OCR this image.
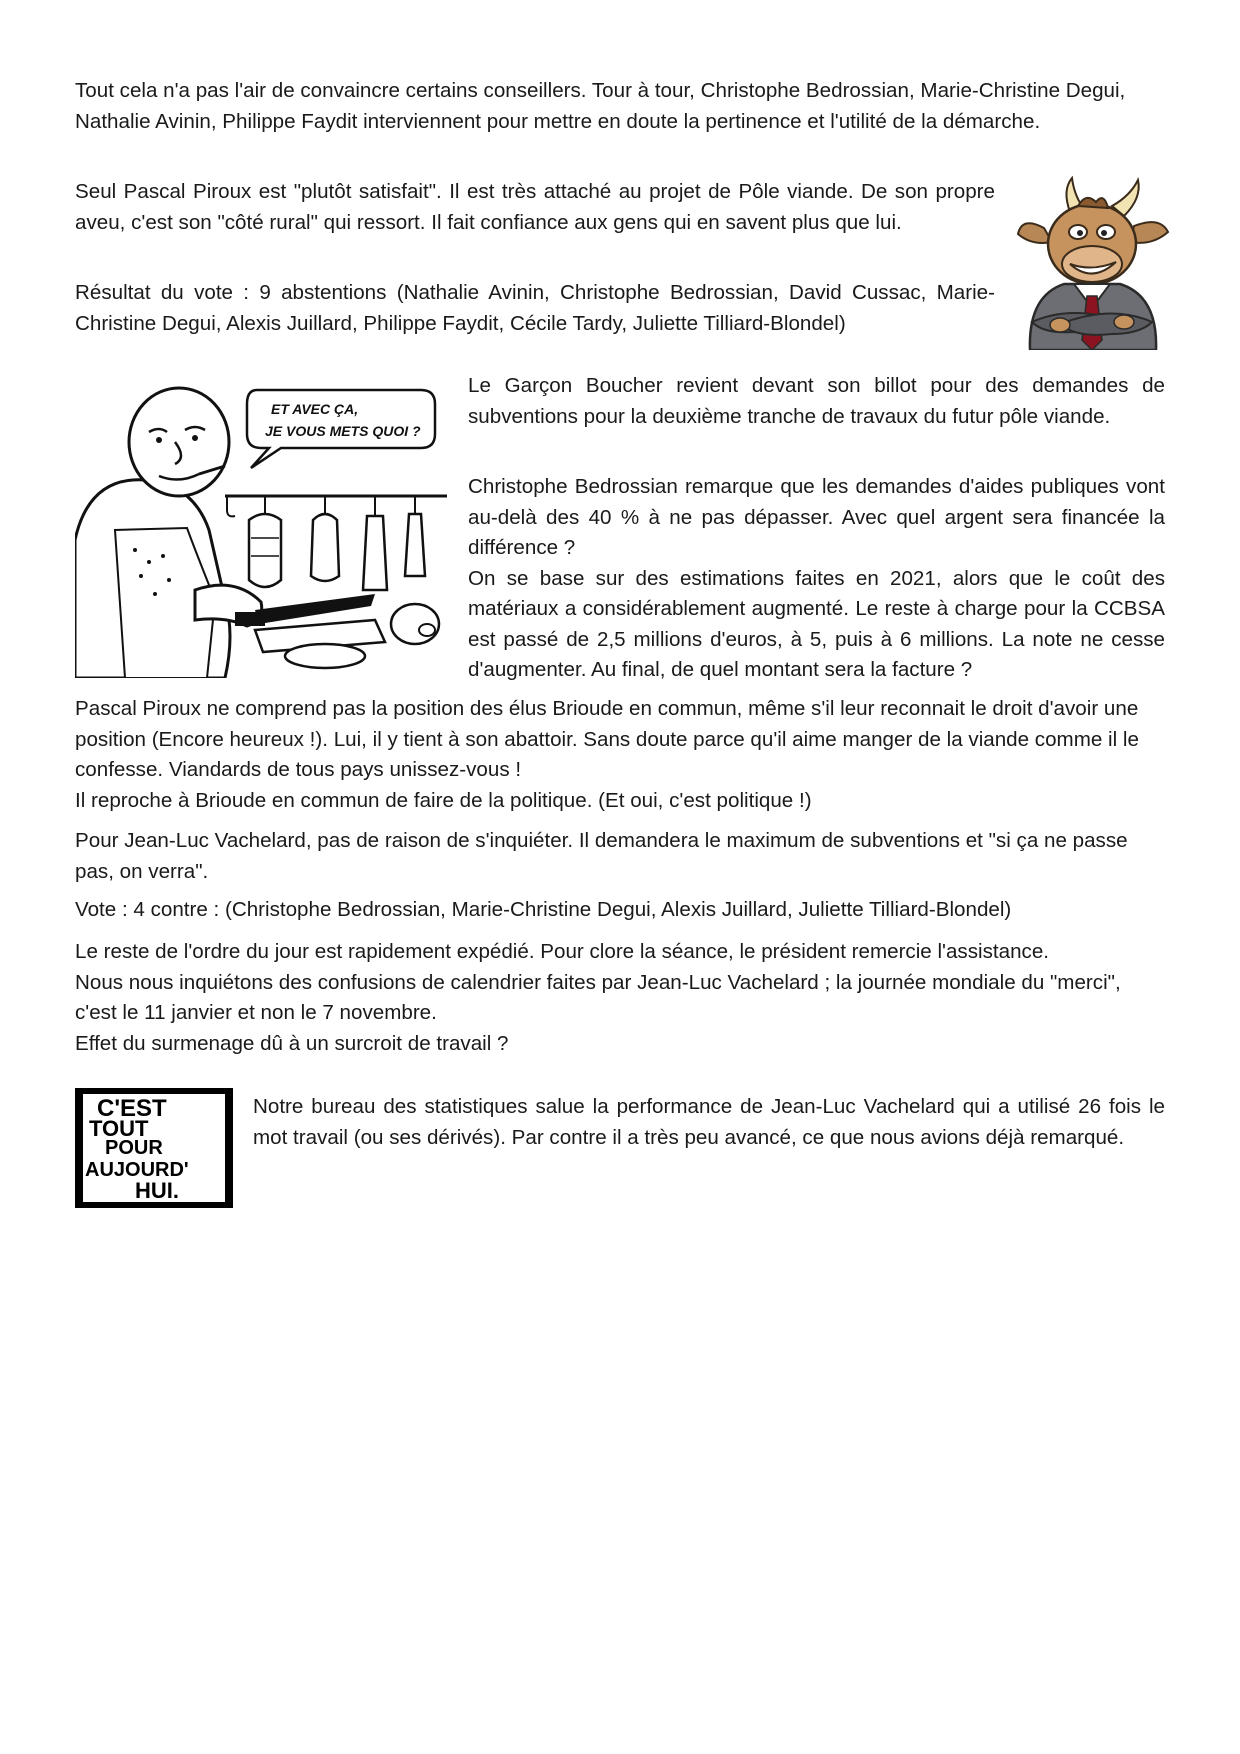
Tout cela n'a pas l'air de convaincre certains conseillers. Tour à tour, Christophe Bedrossian, Marie-Christine Degui, Nathalie Avinin, Philippe Faydit interviennent pour mettre en doute la pertinence et l'utilité de la démarche.

Seul Pascal Piroux est "plutôt satisfait". Il est très attaché au projet de Pôle viande. De son propre aveu, c'est son "côté rural" qui ressort. Il fait confiance aux gens qui en savent plus que lui.

Résultat du vote : 9 abstentions (Nathalie Avinin, Christophe Bedrossian, David Cussac, Marie-Christine Degui, Alexis Juillard, Philippe Faydit, Cécile Tardy, Juliette Tilliard-Blondel)

ET AVEC ÇA,
JE VOUS METS QUOI ?

Le Garçon Boucher revient devant son billot pour des demandes de subventions pour la deuxième tranche de travaux du futur pôle viande.

Christophe Bedrossian remarque que les demandes d'aides publiques vont au-delà des 40 % à ne pas dépasser. Avec quel argent sera financée la différence ?

On se base sur des estimations faites en 2021, alors que le coût des matériaux a considérablement augmenté. Le reste à charge pour la CCBSA est passé de 2,5 millions d'euros, à 5, puis à 6 millions. La note ne cesse d'augmenter. Au final, de quel montant sera la facture ?

Pascal Piroux ne comprend pas la position des élus Brioude en commun, même s'il leur reconnait le droit d'avoir une position (Encore heureux !). Lui, il y tient à son abattoir. Sans doute parce qu'il aime manger de la viande comme il le confesse. Viandards de tous pays unissez-vous !

Il reproche à Brioude en commun de faire de la politique. (Et oui, c'est politique !)

Pour Jean-Luc Vachelard, pas de raison de s'inquiéter. Il demandera le maximum de subventions et "si ça ne passe pas, on verra".

Vote : 4 contre : (Christophe Bedrossian, Marie-Christine Degui, Alexis Juillard, Juliette Tilliard-Blondel)

Le reste de l'ordre du jour est rapidement expédié. Pour clore la séance, le président remercie l'assistance.

Nous nous inquiétons des confusions de calendrier faites par Jean-Luc Vachelard ; la journée mondiale du "merci", c'est le 11 janvier et non le 7 novembre.

Effet du surmenage dû à un surcroit de travail ?

C'EST
TOUT
POUR
AUJOURD'
HUI.

Notre bureau des statistiques salue la performance de Jean-Luc Vachelard qui a utilisé 26 fois le mot travail (ou ses dérivés). Par contre il a très peu avancé, ce que nous avions déjà remarqué.
